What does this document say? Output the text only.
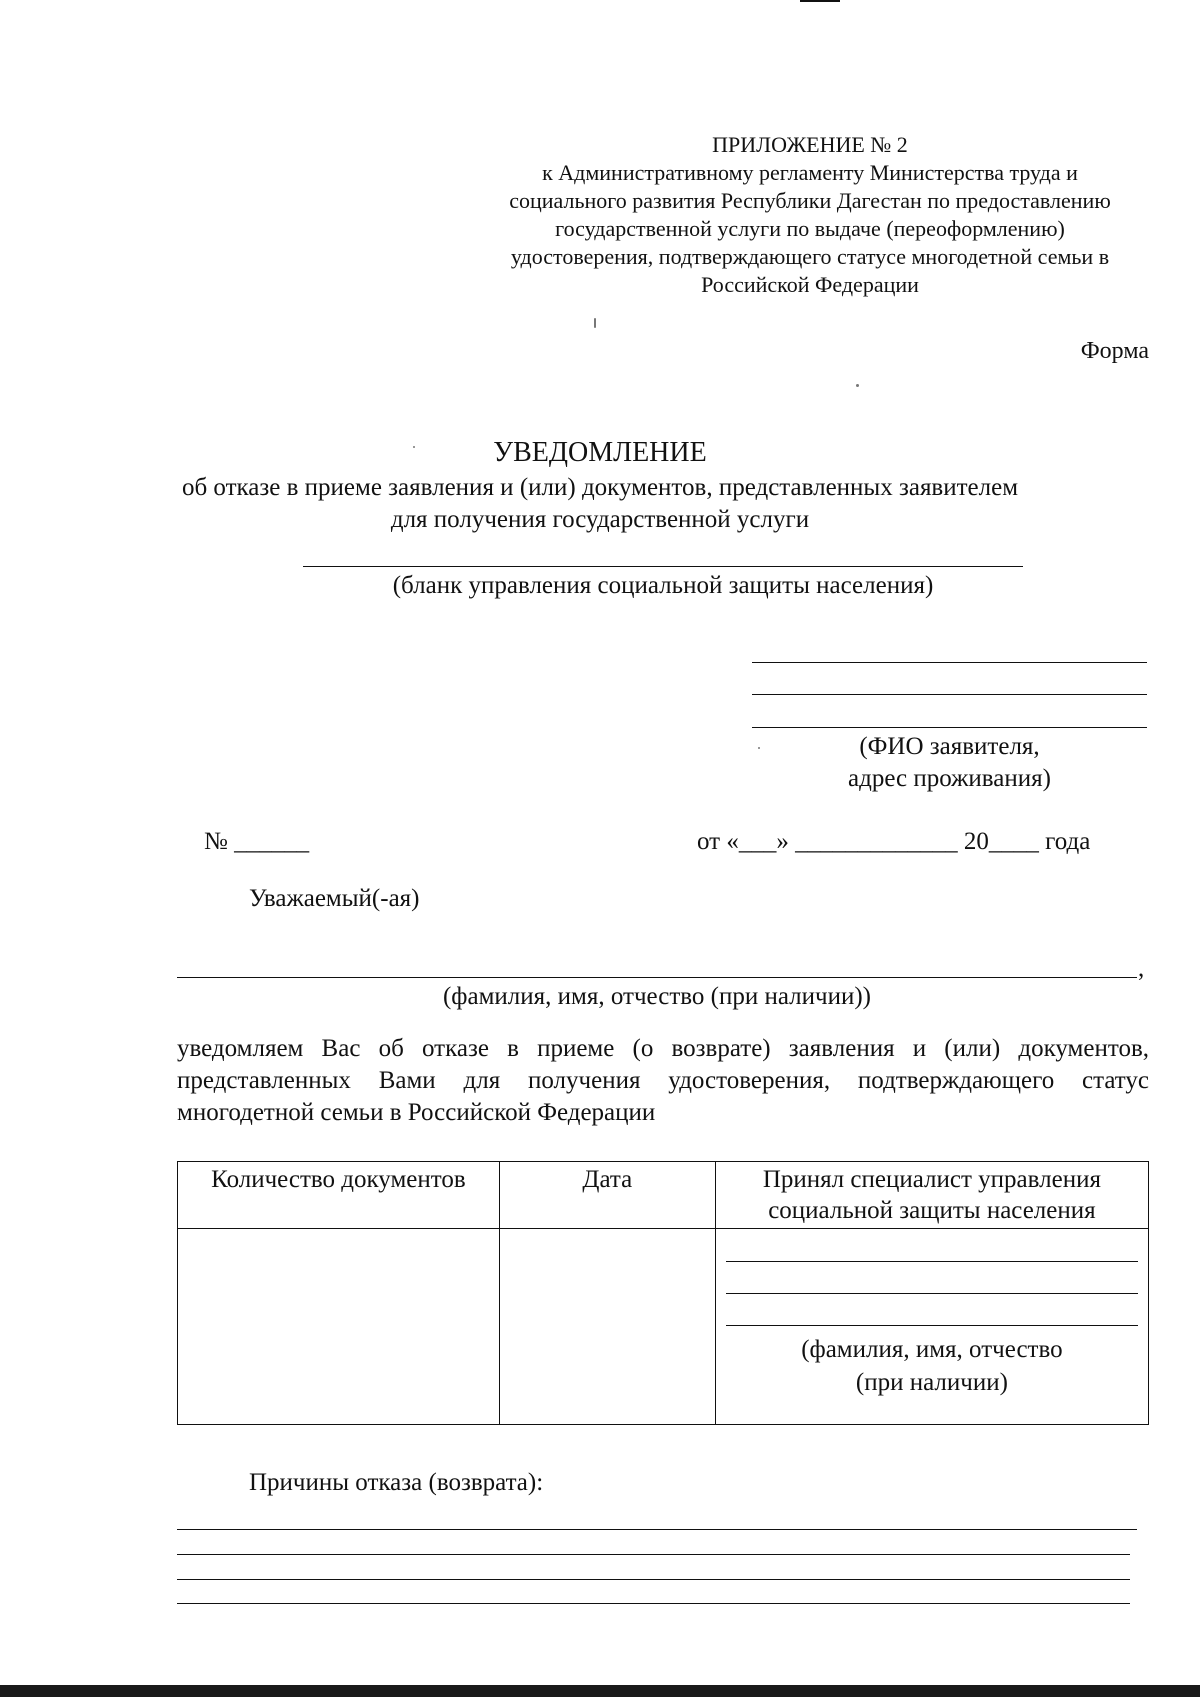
ПРИЛОЖЕНИЕ № 2
к Административному регламенту Министерства труда и
социального развития Республики Дагестан по предоставлению
государственной услуги по выдаче (переоформлению)
удостоверения, подтверждающего статусе многодетной семьи в
Российской Федерации
Форма
УВЕДОМЛЕНИЕ
об отказе в приеме заявления и (или) документов, представленных заявителем
для получения государственной услуги
(бланк управления социальной защиты населения)
(ФИО заявителя,
адрес проживания)
№ ______	от «___» _____________ 20____ года
Уважаемый(-ая)
,
(фамилия, имя, отчество (при наличии))
уведомляем Вас об отказе в приеме (о возврате) заявления и (или) документов, представленных Вами для получения удостоверения, подтверждающего статус многодетной семьи в Российской Федерации
Количество документов	Дата	Принял специалист управления социальной защиты населения

		(фамилия, имя, отчество
(при наличии)
Причины отказа (возврата):
